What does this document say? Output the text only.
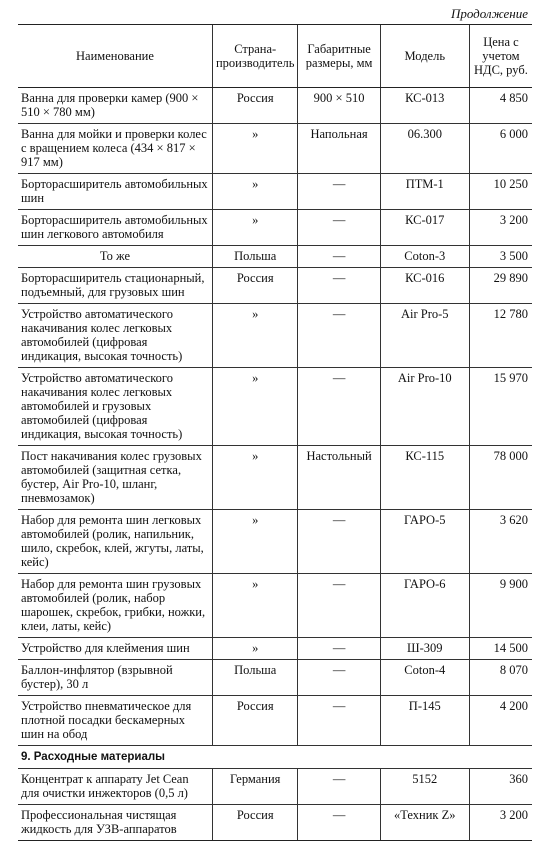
Продолжение
Наименование	Страна-производитель	Габаритные размеры, мм	Модель	Цена с учетом НДС, руб.
Ванна для проверки камер (900 × 510 × 780 мм)	Россия	900 × 510	КС-013	4 850
Ванна для мойки и проверки колес с вращением колеса (434 × 817 × 917 мм)	»	Напольная	06.300	6 000
Борторасширитель автомобильных шин	»	—	ПТМ-1	10 250
Борторасширитель автомобильных шин легкового автомобиля	»	—	КС-017	3 200
То же	Польша	—	Coton-3	3 500
Борторасширитель стационарный, подъемный, для грузовых шин	Россия	—	КС-016	29 890
Устройство автоматического накачивания колес легковых автомобилей (цифровая индикация, высокая точность)	»	—	Air Pro-5	12 780
Устройство автоматического накачивания колес легковых автомобилей и грузовых автомобилей (цифровая индикация, высокая точность)	»	—	Air Pro-10	15 970
Пост накачивания колес грузовых автомобилей (защитная сетка, бустер, Air Pro-10, шланг, пневмозамок)	»	Настольный	КС-115	78 000
Набор для ремонта шин легковых автомобилей (ролик, напильник, шило, скребок, клей, жгуты, латы, кейс)	»	—	ГАРО-5	3 620
Набор для ремонта шин грузовых автомобилей (ролик, набор шарошек, скребок, грибки, ножки, клеи, латы, кейс)	»	—	ГАРО-6	9 900
Устройство для клеймения шин	»	—	Ш-309	14 500
Баллон-инфлятор (взрывной бустер), 30 л	Польша	—	Coton-4	8 070
Устройство пневматическое для плотной посадки бескамерных шин на обод	Россия	—	П-145	4 200
9. Расходные материалы				
Концентрат к аппарату Jet Cean для очистки инжекторов (0,5 л)	Германия	—	5152	360
Профессиональная чистящая жидкость для УЗВ-аппаратов	Россия	—	«Техник Z»	3 200
